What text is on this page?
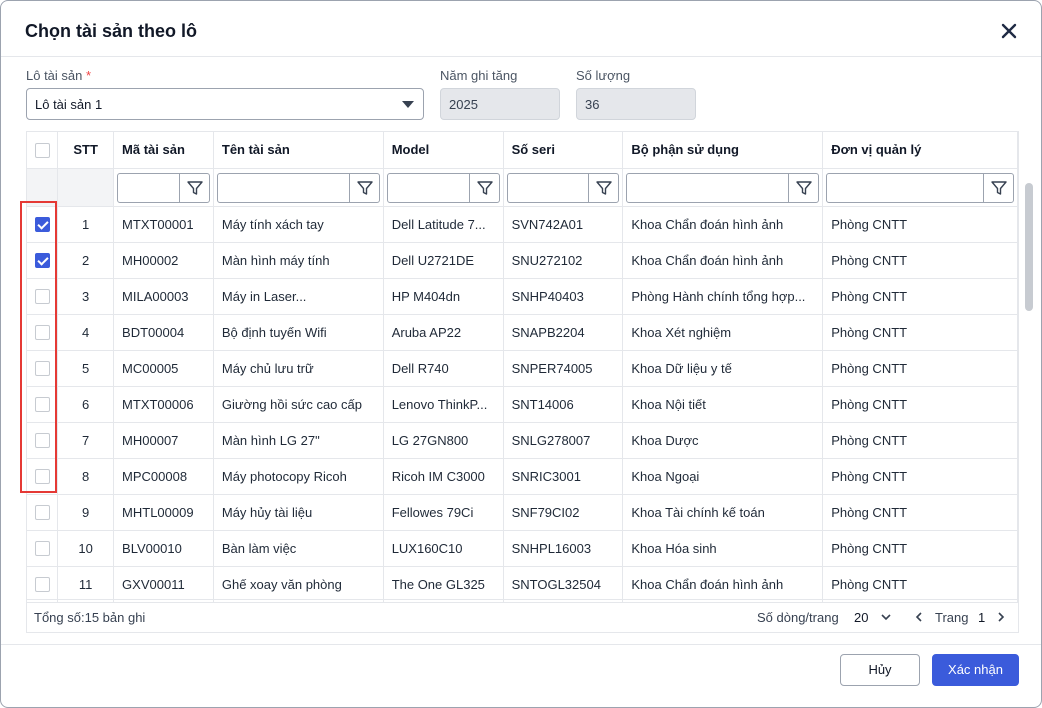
Chọn tài sản theo lô
Lô tài sản *
Lô tài sản 1
Năm ghi tăng
2025
Số lượng
36
	STT	Mã tài sản	Tên tài sản	Model	Số seri	Bộ phận sử dụng	Đơn vị quản lý

	1	MTXT00001	Máy tính xách tay	Dell Latitude 7...	SVN742A01	Khoa Chẩn đoán hình ảnh	Phòng CNTT
	2	MH00002	Màn hình máy tính	Dell U2721DE	SNU272102	Khoa Chẩn đoán hình ảnh	Phòng CNTT
	3	MILA00003	Máy in Laser...	HP M404dn	SNHP40403	Phòng Hành chính tổng hợp...	Phòng CNTT
	4	BDT00004	Bộ định tuyến Wifi	Aruba AP22	SNAPB2204	Khoa Xét nghiệm	Phòng CNTT
	5	MC00005	Máy chủ lưu trữ	Dell R740	SNPER74005	Khoa Dữ liệu y tế	Phòng CNTT
	6	MTXT00006	Giường hồi sức cao cấp	Lenovo ThinkP...	SNT14006	Khoa Nội tiết	Phòng CNTT
	7	MH00007	Màn hình LG 27"	LG 27GN800	SNLG278007	Khoa Dược	Phòng CNTT
	8	MPC00008	Máy photocopy Ricoh	Ricoh IM C3000	SNRIC3001	Khoa Ngoại	Phòng CNTT
	9	MHTL00009	Máy hủy tài liệu	Fellowes 79Ci	SNF79CI02	Khoa Tài chính kế toán	Phòng CNTT
	10	BLV00010	Bàn làm việc	LUX160C10	SNHPL16003	Khoa Hóa sinh	Phòng CNTT
	11	GXV00011	Ghế xoay văn phòng	The One GL325	SNTOGL32504	Khoa Chẩn đoán hình ảnh	Phòng CNTT
Tổng số:15 bản ghi	Số dòng/trang 20	Trang 1
Hủy	Xác nhận
